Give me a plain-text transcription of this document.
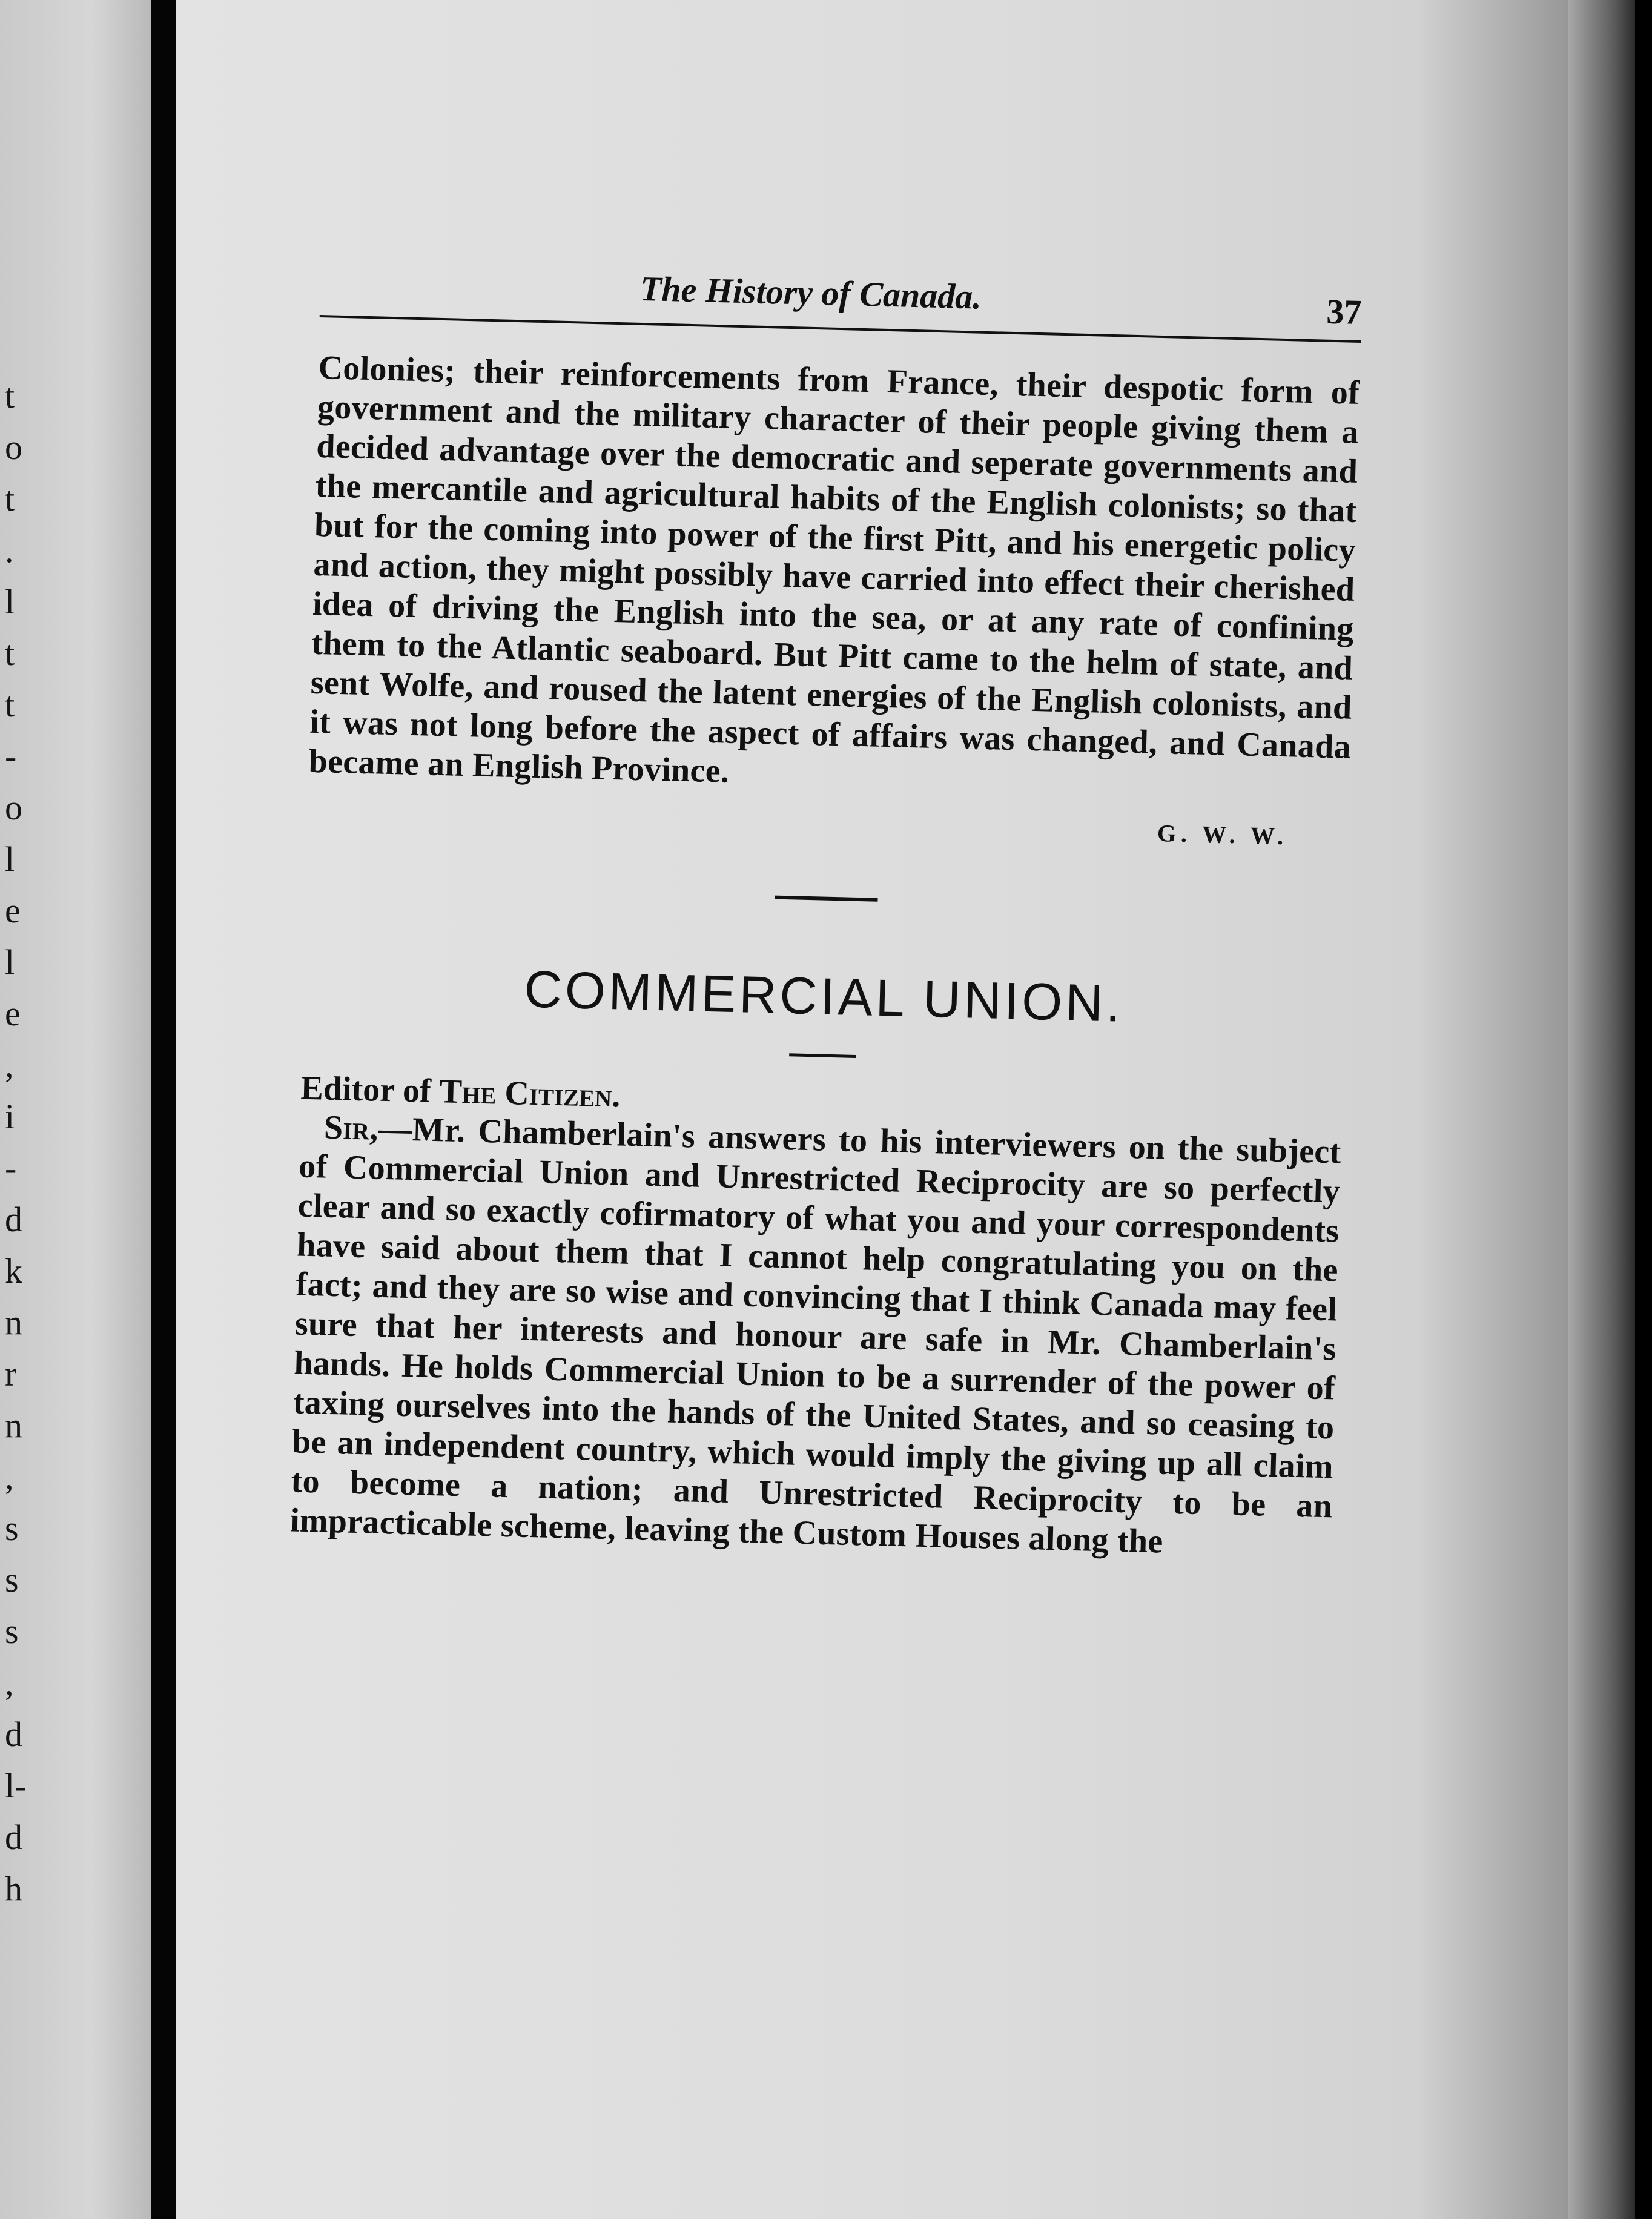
t
o
t
.
l
t
t
-
o
l
e
l
e
,
i
-
d
k
n
r
n
,
s
s
s
,
d
l-
d
h
The History of Canada.	37

Colonies; their reinforcements from France, their despotic form of government and the military character of their people giving them a decided advantage over the democratic and seperate governments and the mercantile and agricultural habits of the English colonists; so that but for the coming into power of the first Pitt, and his energetic policy and action, they might possibly have carried into effect their cherished idea of driving the English into the sea, or at any rate of confining them to the Atlantic seaboard. But Pitt came to the helm of state, and sent Wolfe, and roused the latent energies of the English colonists, and it was not long before the aspect of affairs was changed, and Canada became an English Province.

G. W. W.
COMMERCIAL UNION.
Editor of The Citizen.

Sir,—Mr. Chamberlain's answers to his interviewers on the subject of Commercial Union and Unrestricted Reciprocity are so perfectly clear and so exactly cofirmatory of what you and your correspondents have said about them that I cannot help congratulating you on the fact; and they are so wise and convincing that I think Canada may feel sure that her interests and honour are safe in Mr. Chamberlain's hands. He holds Commercial Union to be a surrender of the power of taxing ourselves into the hands of the United States, and so ceasing to be an independent country, which would imply the giving up all claim to become a nation; and Unrestricted Reciprocity to be an impracticable scheme, leaving the Custom Houses along the
